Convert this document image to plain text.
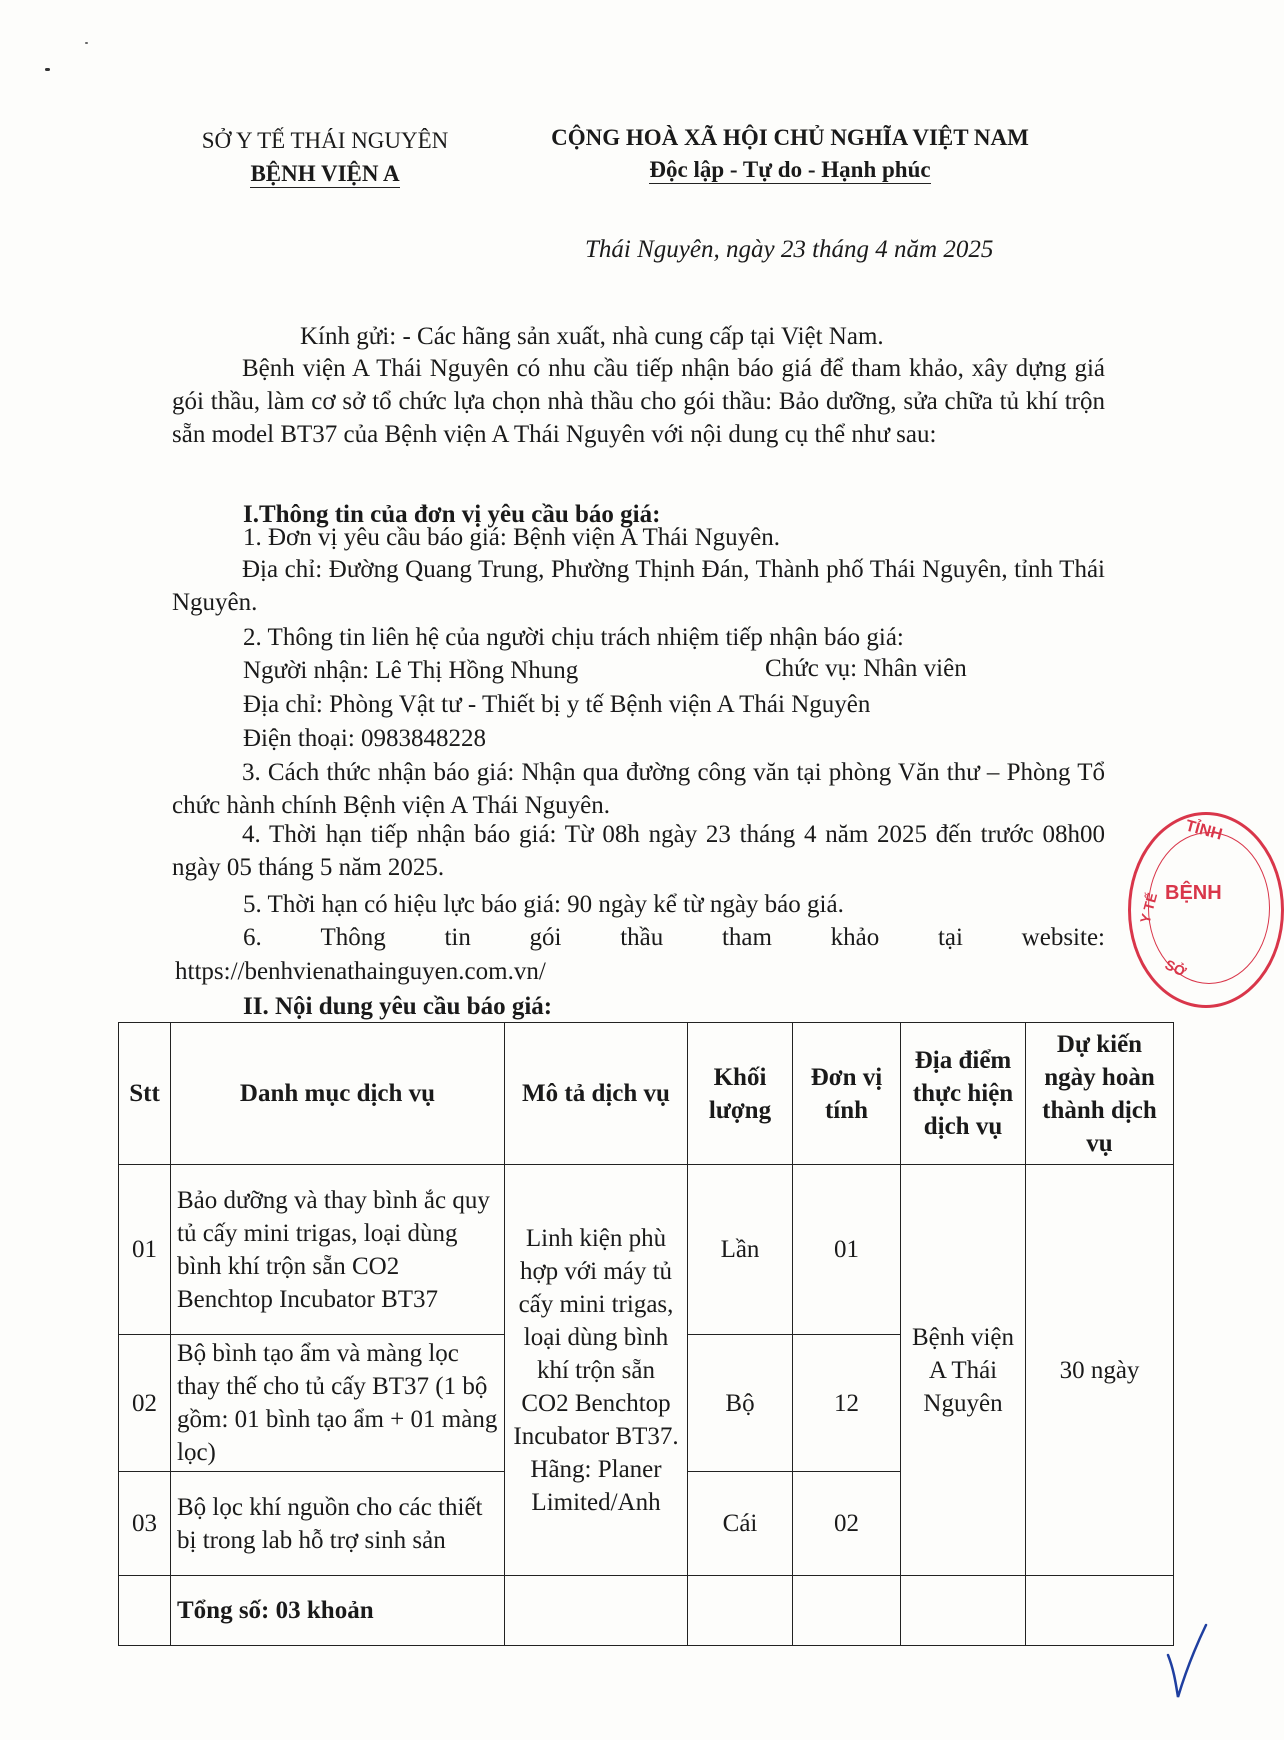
SỞ Y TẾ THÁI NGUYÊN
BỆNH VIỆN A
CỘNG HOÀ XÃ HỘI CHỦ NGHĨA VIỆT NAM
Độc lập - Tự do - Hạnh phúc
Thái Nguyên, ngày 23 tháng 4 năm 2025
Kính gửi: - Các hãng sản xuất, nhà cung cấp tại Việt Nam.
Bệnh viện A Thái Nguyên có nhu cầu tiếp nhận báo giá để tham khảo, xây dựng giá gói thầu, làm cơ sở tổ chức lựa chọn nhà thầu cho gói thầu: Bảo dưỡng, sửa chữa tủ khí trộn sẵn model BT37 của Bệnh viện A Thái Nguyên với nội dung cụ thể như sau:
I.Thông tin của đơn vị yêu cầu báo giá:
1. Đơn vị yêu cầu báo giá: Bệnh viện A Thái Nguyên.
Địa chỉ: Đường Quang Trung, Phường Thịnh Đán, Thành phố Thái Nguyên, tỉnh Thái Nguyên.
2. Thông tin liên hệ của người chịu trách nhiệm tiếp nhận báo giá:
Người nhận: Lê Thị Hồng Nhung	Chức vụ: Nhân viên
Địa chỉ: Phòng Vật tư - Thiết bị y tế Bệnh viện A Thái Nguyên
Điện thoại: 0983848228
3. Cách thức nhận báo giá: Nhận qua đường công văn tại phòng Văn thư – Phòng Tổ chức hành chính Bệnh viện A Thái Nguyên.
4. Thời hạn tiếp nhận báo giá: Từ 08h ngày 23 tháng 4 năm 2025 đến trước 08h00 ngày 05 tháng 5 năm 2025.
5. Thời hạn có hiệu lực báo giá: 90 ngày kể từ ngày báo giá.
6. Thông tin gói thầu tham khảo tại website:
https://benhvienathainguyen.com.vn/
II. Nội dung yêu cầu báo giá:
Stt	Danh mục dịch vụ	Mô tả dịch vụ	Khối lượng	Đơn vị tính	Địa điểm thực hiện dịch vụ	Dự kiến ngày hoàn thành dịch vụ
01	Bảo dưỡng và thay bình ắc quy tủ cấy mini trigas, loại dùng bình khí trộn sẵn CO2 Benchtop Incubator BT37	Linh kiện phù hợp với máy tủ cấy mini trigas, loại dùng bình khí trộn sẵn CO2 Benchtop Incubator BT37. Hãng: Planer Limited/Anh	Lần	01	Bệnh viện A Thái Nguyên	30 ngày
02	Bộ bình tạo ẩm và màng lọc thay thế cho tủ cấy BT37 (1 bộ gồm: 01 bình tạo ẩm + 01 màng lọc)		Bộ	12		
03	Bộ lọc khí nguồn cho các thiết bị trong lab hỗ trợ sinh sản		Cái	02		
	Tổng số: 03 khoản					
TỈNH
BỆNH
Y TẾ
SỞ
